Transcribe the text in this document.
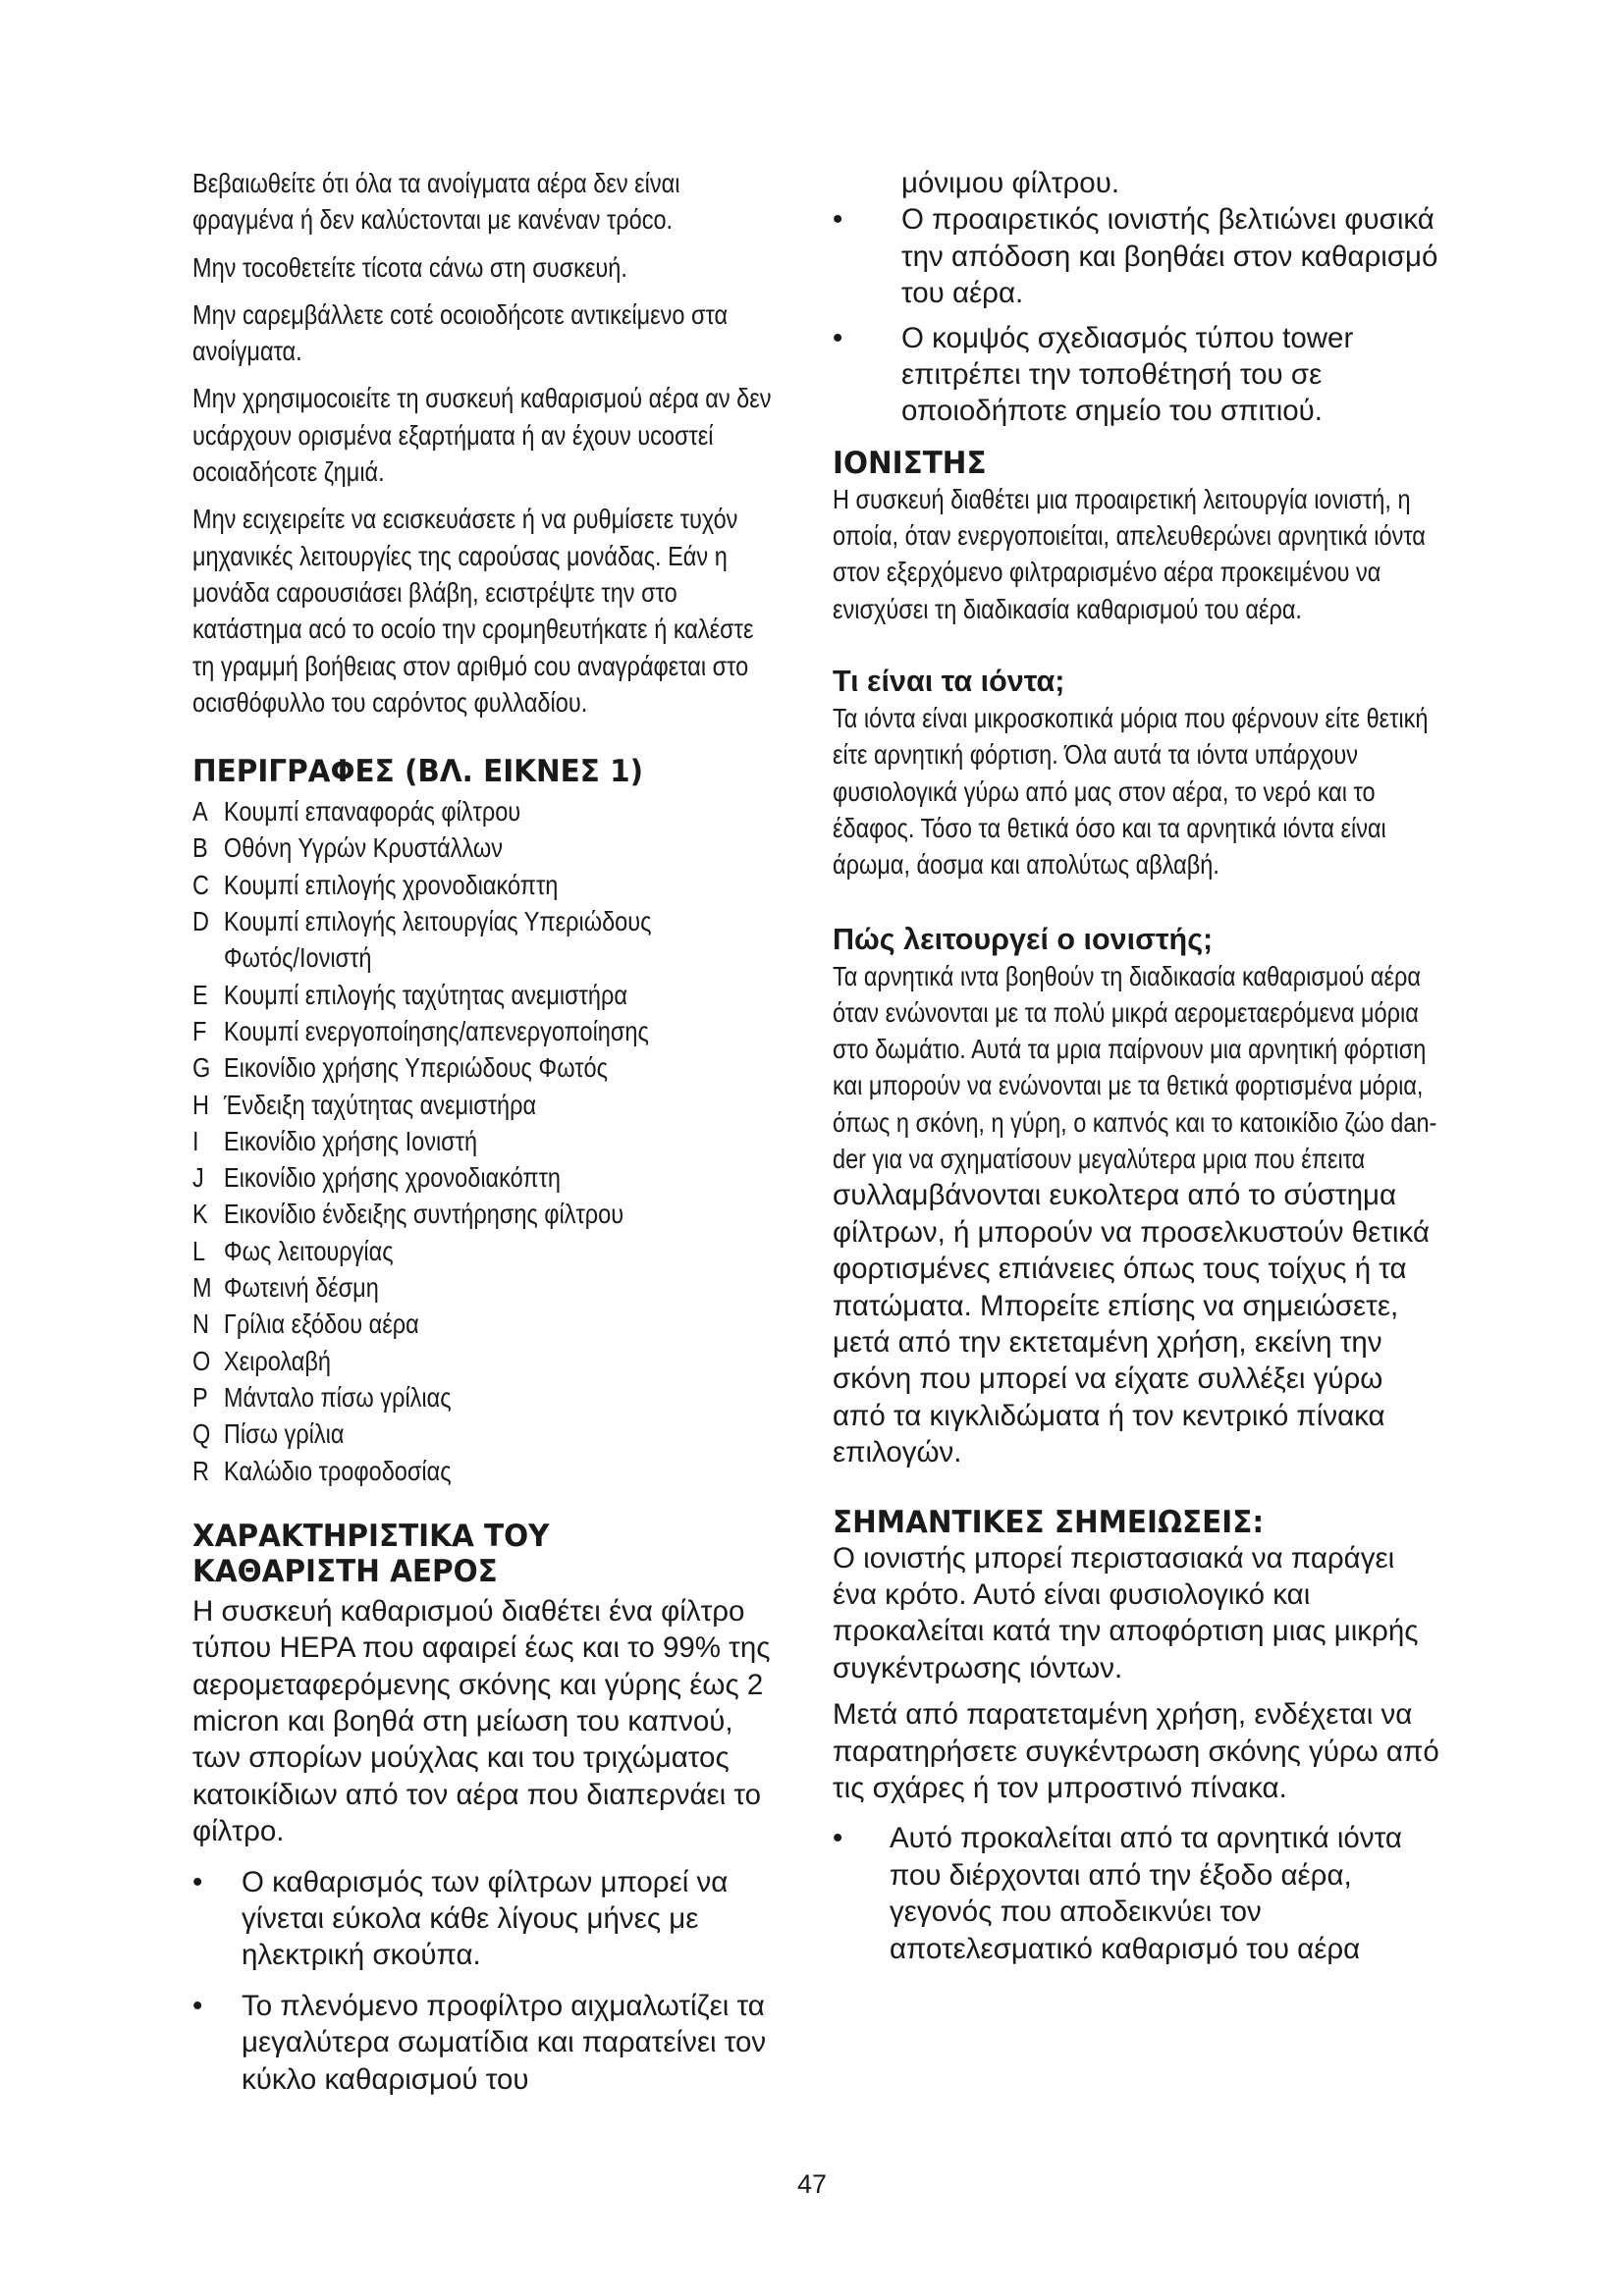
Βεβαιωθείτε ότι όλα τα ανοίγματα αέρα δεν είναι φραγμένα ή δεν καλύcτονται με κανέναν τρόcο.

Μην τοcοθετείτε τίcοτα cάνω στη συσκευή.

Μην cαρεμβάλλετε cοτέ οcοιοδήcοτε αντικείμενο στα ανοίγματα.

Μην χρησιμοcοιείτε τη συσκευή καθαρισμού αέρα αν δεν υcάρχουν ορισμένα εξαρτήματα ή αν έχουν υcοστεί οcοιαδήcοτε ζημιά.

Μην εcιχειρείτε να εcισκευάσετε ή να ρυθμίσετε τυχόν μηχανικές λειτουργίες της cαρούσας μονάδας. Εάν η μονάδα cαρουσιάσει βλάβη, εcιστρέψτε την στο κατάστημα αcό το οcοίο την cρομηθευτήκατε ή καλέστε τη γραμμή βοήθειας στον αριθμό cου αναγράφεται στο οcισθόφυλλο του cαρόντος φυλλαδίου.

ΠΕΡΙΓΡΑΦΕΣ (ΒΛ. ΕΙΚΝΕΣ 1)
A Κουμπί επαναφοράς φίλτρου
B Οθόνη Υγρών Κρυστάλλων
C Κουμπί επιλογής χρονοδιακόπτη
D Κουμπί επιλογής λειτουργίας Υπεριώδους Φωτός/Ιονιστή
E Κουμπί επιλογής ταχύτητας ανεμιστήρα
F Κουμπί ενεργοποίησης/απενεργοποίησης
G Εικονίδιο χρήσης Υπεριώδους Φωτός
H Ένδειξη ταχύτητας ανεμιστήρα
I Εικονίδιο χρήσης Ιονιστή
J Εικονίδιο χρήσης χρονοδιακόπτη
K Εικονίδιο ένδειξης συντήρησης φίλτρου
L Φως λειτουργίας
M Φωτεινή δέσμη
N Γρίλια εξόδου αέρα
O Χειρολαβή
P Μάνταλο πίσω γρίλιας
Q Πίσω γρίλια
R Καλώδιο τροφοδοσίας
ΧΑΡΑΚΤΗΡΙΣΤΙΚΑ ΤΟΥ
ΚΑΘΑΡΙΣΤΗ ΑΕΡΟΣ

Η συσκευή καθαρισμού διαθέτει ένα φίλτρο τύπου HEPA που αφαιρεί έως και το 99% της αερομεταφερόμενης σκόνης και γύρης έως 2 micron και βοηθά στη μείωση του καπνού, των σπορίων μούχλας και του τριχώματος κατοικίδιων από τον αέρα που διαπερνάει το φίλτρο.

•	Ο καθαρισμός των φίλτρων μπορεί να γίνεται εύκολα κάθε λίγους μήνες με ηλεκτρική σκούπα.
•	Το πλενόμενο προφίλτρο αιχμαλωτίζει τα μεγαλύτερα σωματίδια και παρατείνει τον κύκλο καθαρισμού του

μόνιμου φίλτρου.

•	Ο προαιρετικός ιονιστής βελτιώνει φυσικά την απόδοση και βοηθάει στον καθαρισμό του αέρα.
•	Ο κομψός σχεδιασμός τύπου tower επιτρέπει την τοποθέτησή του σε οποιοδήποτε σημείο του σπιτιού.
ΙΟΝΙΣΤΗΣ

Η συσκευή διαθέτει μια προαιρετική λειτουργία ιονιστή, η οποία, όταν ενεργοποιείται, απελευθερώνει αρνητικά ιόντα στον εξερχόμενο φιλτραρισμένο αέρα προκειμένου να ενισχύσει τη διαδικασία καθαρισμού του αέρα.

Τι είναι τα ιόντα;

Τα ιόντα είναι μικροσκοπικά μόρια που φέρνουν είτε θετική είτε αρνητική φόρτιση. Όλα αυτά τα ιόντα υπάρχουν φυσιολογικά γύρω από μας στον αέρα, το νερό και το έδαφος. Τόσο τα θετικά όσο και τα αρνητικά ιόντα είναι άρωμα, άοσμα και απολύτως αβλαβή.

Πώς λειτουργεί ο ιονιστής;

Τα αρνητικά ιντα βοηθούν τη διαδικασία καθαρισμού αέρα όταν ενώνονται με τα πολύ μικρά αερομεταερόμενα μόρια στο δωμάτιο. Αυτά τα μρια παίρνουν μια αρνητική φόρτιση και μπορούν να ενώνονται με τα θετικά φορτισμένα μόρια, όπως η σκόνη, η γύρη, ο καπνός και το κατοικίδιο ζώο dan-der για να σχηματίσουν μεγαλύτερα μρια που έπειτα

συλλαμβάνονται ευκολτερα από το σύστημα φίλτρων, ή μπορούν να προσελκυστούν θετικά φορτισμένες επιάνειες όπως τους τοίχυς ή τα πατώματα. Μπορείτε επίσης να σημειώσετε, μετά από την εκτεταμένη χρήση, εκείνη την σκόνη που μπορεί να είχατε συλλέξει γύρω από τα κιγκλιδώματα ή τον κεντρικό πίνακα επιλογών.

ΣΗΜΑΝΤΙΚΕΣ ΣΗΜΕΙΩΣΕΙΣ:

Ο ιονιστής μπορεί περιστασιακά να παράγει ένα κρότο. Αυτό είναι φυσιολογικό και προκαλείται κατά την αποφόρτιση μιας μικρής συγκέντρωσης ιόντων.

Μετά από παρατεταμένη χρήση, ενδέχεται να παρατηρήσετε συγκέντρωση σκόνης γύρω από τις σχάρες ή τον μπροστινό πίνακα.

•	Αυτό προκαλείται από τα αρνητικά ιόντα που διέρχονται από την έξοδο αέρα, γεγονός που αποδεικνύει τον αποτελεσματικό καθαρισμό του αέρα
47
